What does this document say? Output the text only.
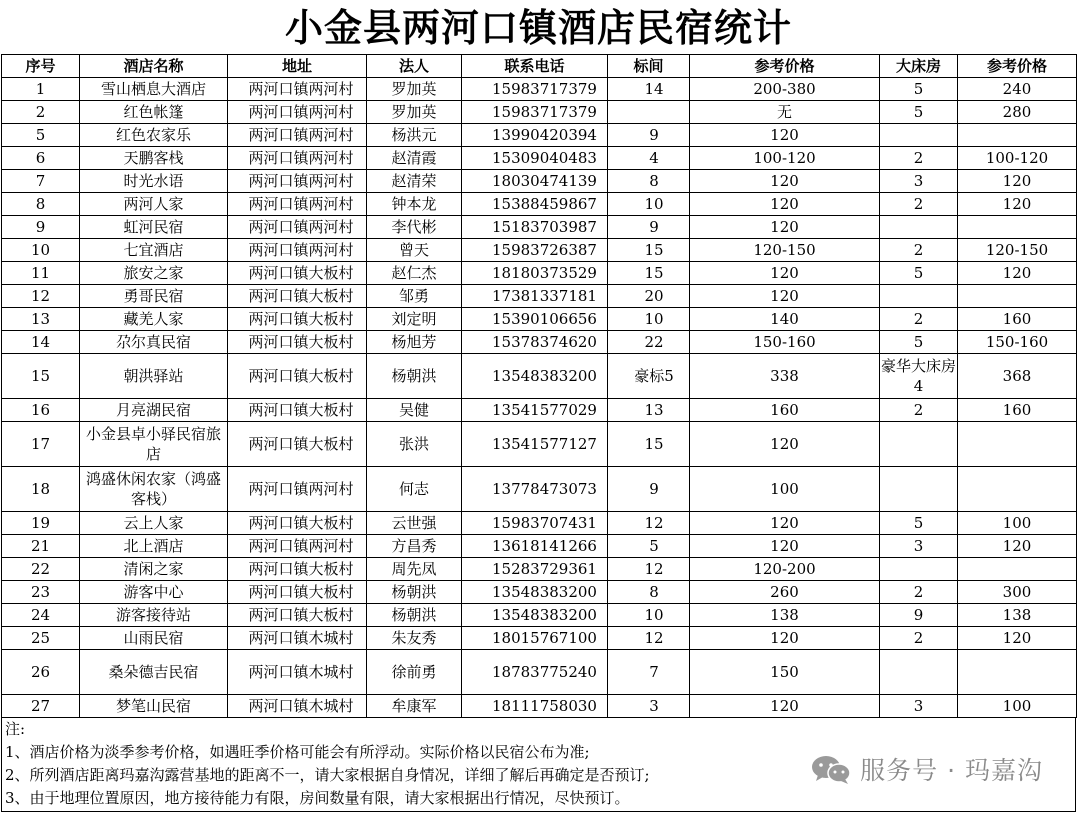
小金县两河口镇酒店民宿统计
序号	酒店名称	地址	法人	联系电话	标间	参考价格	大床房	参考价格
1	雪山栖息大酒店	两河口镇两河村	罗加英	15983717379	14	200-380	5	240
2	红色帐篷	两河口镇两河村	罗加英	15983717379		无	5	280
5	红色农家乐	两河口镇两河村	杨洪元	13990420394	9	120		
6	天鹏客栈	两河口镇两河村	赵清霞	15309040483	4	100-120	2	100-120
7	时光水语	两河口镇两河村	赵清荣	18030474139	8	120	3	120
8	两河人家	两河口镇两河村	钟本龙	15388459867	10	120	2	120
9	虹河民宿	两河口镇两河村	李代彬	15183703987	9	120		
10	七宜酒店	两河口镇两河村	曾天	15983726387	15	120-150	2	120-150
11	旅安之家	两河口镇大板村	赵仁杰	18180373529	15	120	5	120
12	勇哥民宿	两河口镇大板村	邹勇	17381337181	20	120		
13	藏羌人家	两河口镇大板村	刘定明	15390106656	10	140	2	160
14	尕尔真民宿	两河口镇大板村	杨旭芳	15378374620	22	150-160	5	150-160
15	朝洪驿站	两河口镇大板村	杨朝洪	13548383200	豪标5	338	豪华大床房4	368
16	月亮湖民宿	两河口镇大板村	吴健	13541577029	13	160	2	160
17	小金县卓小驿民宿旅店	两河口镇大板村	张洪	13541577127	15	120		
18	鸿盛休闲农家（鸿盛客栈）	两河口镇两河村	何志	13778473073	9	100		
19	云上人家	两河口镇大板村	云世强	15983707431	12	120	5	100
21	北上酒店	两河口镇两河村	方昌秀	13618141266	5	120	3	120
22	清闲之家	两河口镇大板村	周先凤	15283729361	12	120-200		
23	游客中心	两河口镇大板村	杨朝洪	13548383200	8	260	2	300
24	游客接待站	两河口镇大板村	杨朝洪	13548383200	10	138	9	138
25	山雨民宿	两河口镇木城村	朱友秀	18015767100	12	120	2	120
26	桑朵德吉民宿	两河口镇木城村	徐前勇	18783775240	7	150		
27	梦笔山民宿	两河口镇木城村	牟康军	18111758030	3	120	3	100
注:
1、酒店价格为淡季参考价格，如遇旺季价格可能会有所浮动。实际价格以民宿公布为准;
2、所列酒店距离玛嘉沟露营基地的距离不一，请大家根据自身情况，详细了解后再确定是否预订;
3、由于地理位置原因，地方接待能力有限，房间数量有限，请大家根据出行情况，尽快预订。
服务号 · 玛嘉沟
